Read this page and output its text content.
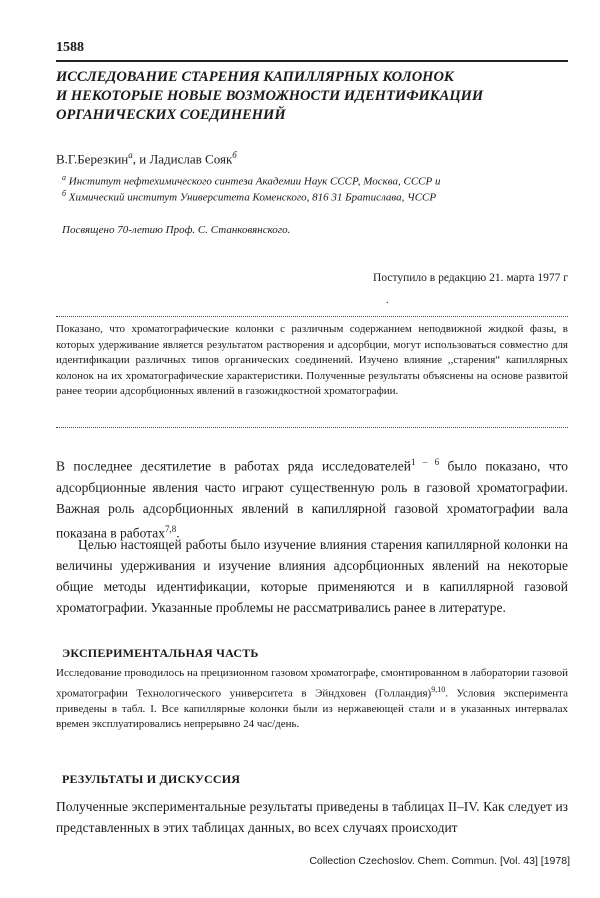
1588
ИССЛЕДОВАНИЕ СТАРЕНИЯ КАПИЛЛЯРНЫХ КОЛОНОК
И НЕКОТОРЫЕ НОВЫЕ ВОЗМОЖНОСТИ ИДЕНТИФИКАЦИИ
ОРГАНИЧЕСКИХ СОЕДИНЕНИЙ
В.Г.Березкин$^а$, и Ладислав Сояк$^б$
$^а$ Институт нефтехимического синтеза Академии Наук СССР, Москва, СССР и
$^б$ Химический институт Университета Коменского, 816 31 Братислава, ЧССР
Посвящено 70-летию Проф. С. Станковянского.
Поступило в редакцию 21. марта 1977 г
.

Показано, что хроматографические колонки с различным содержанием неподвижной жидкой фазы, в которых удерживание является результатом растворения и адсорбции, могут использоваться совместно для идентификации различных типов органических соединений. Изучено влияние ,,старения“ капиллярных колонок на их хроматографические характеристики. Полученные результаты объяснены на основе развитой ранее теории адсорбционных явлений в газожидкостной хроматографии.

В последнее десятилетие в работах ряда исследователей$^{1 - 6}$ было показано, что адсорбционные явления часто играют существенную роль в газовой хроматографии. Важная роль адсорбционных явлений в капиллярной газовой хроматографии вала показана в работах$^{7,8}$.

Целью настоящей работы было изучение влияния старения капиллярной колонки на величины удерживания и изучение влияния адсорбционных явлений на некоторые общие методы идентификации, которые применяются и в капиллярной газовой хроматографии. Указанные проблемы не рассматривались ранее в литературе.

ЭКСПЕРИМЕНТАЛЬНАЯ ЧАСТЬ

Исследование проводилось на прецизионном газовом хроматографе, смонтированном в лаборатории газовой хроматографии Технологического университета в Эйндховен (Голландия)$^{9,10}$. Условия эксперимента приведены в табл. I. Все капиллярные колонки были из нержавеющей стали и в указанных интервалах времен эксплуатировались непрерывно 24 час/день.

РЕЗУЛЬТАТЫ И ДИСКУССИЯ

Полученные экспериментальные результаты приведены в таблицах II–IV. Как следует из представленных в этих таблицах данных, во всех случаях происходит

Collection Czechoslov. Chem. Commun. [Vol. 43] [1978]
